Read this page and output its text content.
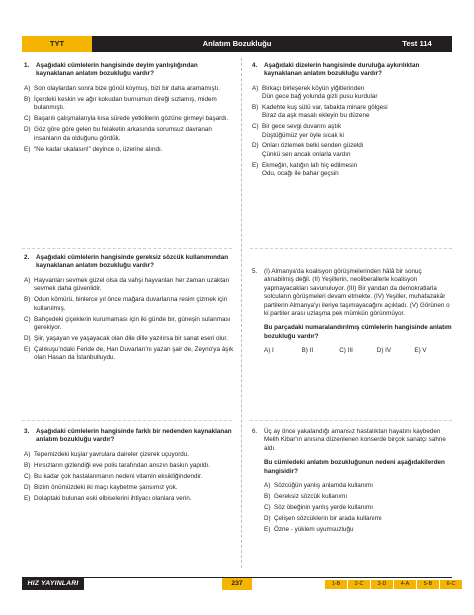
TYT	Anlatım Bozukluğu	Test 114

1. Aşağıdaki cümlelerin hangisinde deyim yanlışlığından kaynaklanan anlatım bozukluğu vardır?

A) Son olaylardan sonra bize gönül koymuş, bizi bir daha aramamıştı.

B) İçerdeki keskin ve ağır kokudan burnumun direği sızlamış, midem bulanmıştı.

C) Başarılı çalışmalarıyla kısa sürede yetkililerin gözüne girmeyi başardı.

D) Göz göre göre gelen bu felaketin arkasında sorumsuz davranan insanların da olduğunu gördük.

E) “Ne kadar ukalasın!” deyince o, üzerine alındı.

2. Aşağıdaki cümlelerin hangisinde gereksiz sözcük kullanımından kaynaklanan anlatım bozukluğu vardır?

A) Hayvanları sevmek güzel olsa da vahşi hayvanları her zaman uzaktan sevmek daha güvenlidir.

B) Odun kömürü, binlerce yıl önce mağara duvarlarına resim çizmek için kullanılmış.

C) Bahçedeki çiçeklerin kurumaması için iki günde bir, güneşin sulanması gerekiyor.

D) Şiir, yaşayan ve yaşayacak olan dile dille yazılırsa bir sanat eseri olur.

E) Çalıkuşu'ndaki Feride de, Han Duvarları'nı yazan şair de, Zeyno'ya âşık olan Hasan da İstanbulluydu.

3. Aşağıdaki cümlelerin hangisinde farklı bir nedenden kaynaklanan anlatım bozukluğu vardır?

A) Tepemizdeki kuşlar yavrulara daireler çizerek uçuyordu.

B) Hırsızların gizlendiği eve polis tarafından anszın baskın yapıldı.

C) Bu kadar çok hastalanmanın nedeni vitamin eksikliğindendir.

D) Bizim önümüzdeki iki maçı kaybetme şansımız yok.

E) Dolaptaki bulunan eski elbiselerini ihtiyacı olanlara verin.

4. Aşağıdaki dizelerin hangisinde duruluğa aykırılıktan kaynaklanan anlatım bozukluğu vardır?

A) Birkaçı birleşerek köyün yiğitlerinden

Dün gece bağ yolunda gizli pusu kurdular

B) Kadehte kuş sütü var, tabakta minare gölgesi

Biraz da aşk masalı ekleyin bu düzene

C) Bir gece sevgi duvarını aştık

Düştüğümüz yer öyle sıcak ki

D) Onları özlemek belki senden güzeldi

Çünkü sen ancak onlarla vardın

E) Ekmeğin, katığın lafı hiç edilmesin

Odu, ocağı ile bahar geçsin

5. (I) Almanya'da koalisyon görüşmelerinden hâlâ bir sonuç alınabilmiş değil. (II) Yeşillerin, neoliberallerle koalisyon yapmayacakları savunuluyor. (III) Bir yandan da demokratlarla solcuların görüşmeleri devam etmekte. (IV) Yeşiller, muhafazakâr partilerin Almanya'yı ileriye taşımayacağını açıkladı. (V) Görünen o ki partiler arası uzlaşma pek mümkün görünmüyor.

Bu parçadaki numaralandırılmış cümlelerin hangisinde anlatım bozukluğu vardır?

A) I	B) II	C) III	D) IV	E) V

6. Üç ay önce yakalandığı amansız hastalıktan hayatını kaybeden Melih Kibar'ın anısına düzenlenen konserde birçok sanatçı sahne aldı.

Bu cümledeki anlatım bozukluğunun nedeni aşağıdakilerden hangisidir?

A) Sözcüğün yanlış anlamda kullanımı

B) Gereksiz sözcük kullanımı

C) Söz öbeğinin yanlış yerde kullanımı

D) Çelişen sözcüklerin bir arada kullanımı

E) Özne - yüklem uyumsuzluğu

HIZ YAYINLARI	237	1-B	2-C	3-D	4-A	5-B	6-C
